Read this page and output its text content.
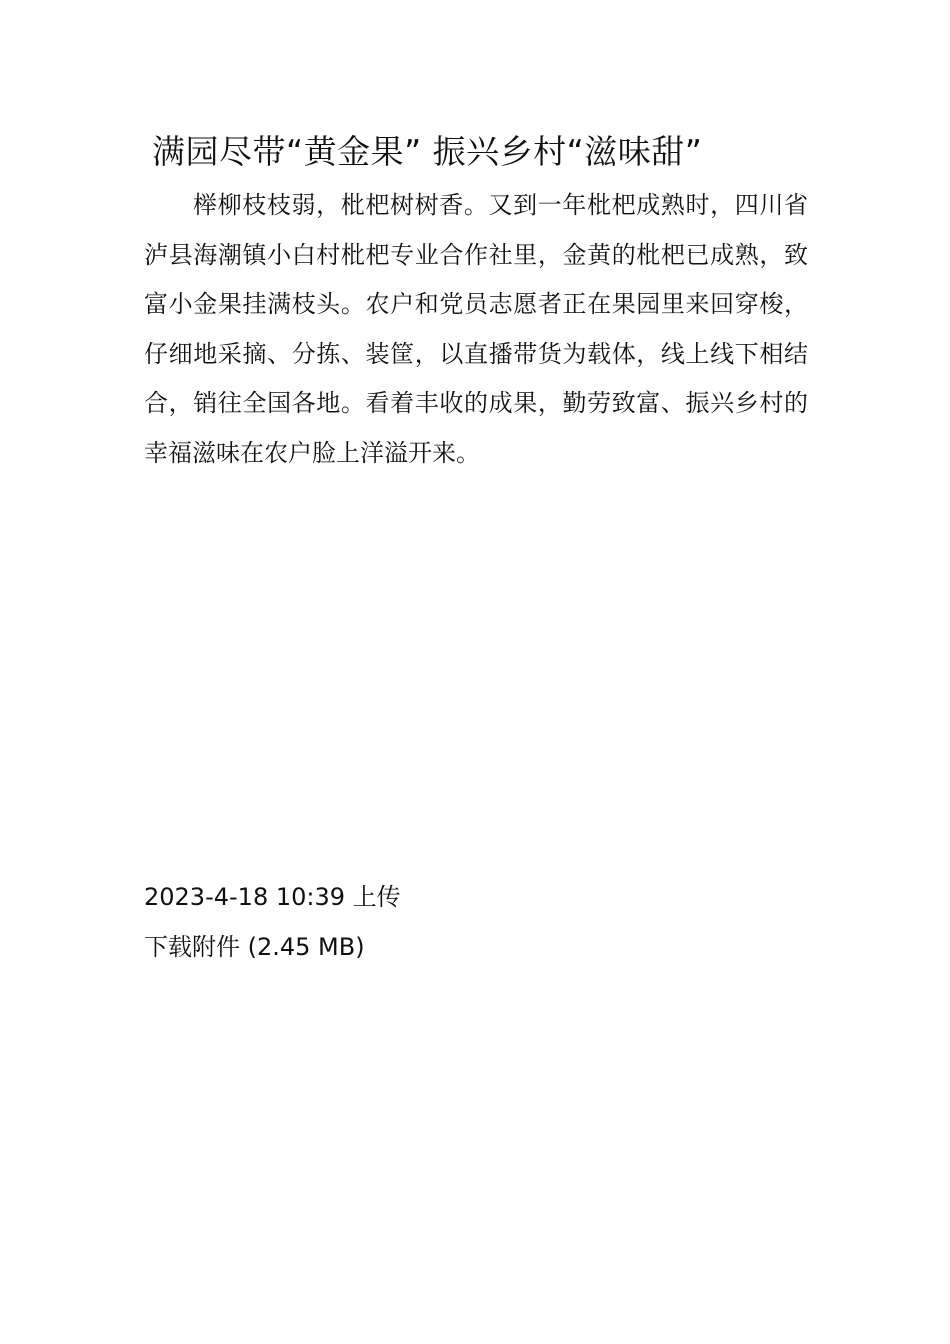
满园尽带“黄金果” 振兴乡村“滋味甜”

榉柳枝枝弱，枇杷树树香。又到一年枇杷成熟时，四川省泸县海潮镇小白村枇杷专业合作社里，金黄的枇杷已成熟，致富小金果挂满枝头。农户和党员志愿者正在果园里来回穿梭，仔细地采摘、分拣、装筐，以直播带货为载体，线上线下相结合，销往全国各地。看着丰收的成果，勤劳致富、振兴乡村的幸福滋味在农户脸上洋溢开来。

2023-4-18 10:39 上传
下载附件 (2.45 MB)
